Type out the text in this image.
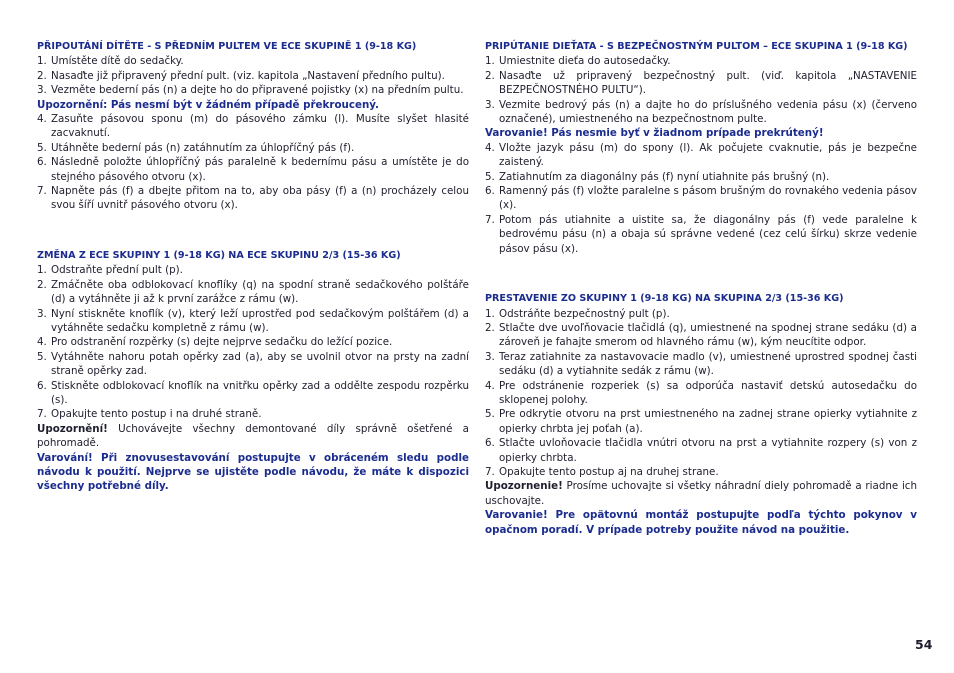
PŘIPOUTÁNÍ DÍTĚTE - S PŘEDNÍM PULTEM VE ECE SKUPINĚ 1 (9-18 KG)

1. Umístěte dítě do sedačky.
2. Nasaďte již připravený přední pult. (viz. kapitola „Nastavení předního pultu).
3. Vezměte bederní pás (n) a dejte ho do připravené pojistky (x) na předním pultu.
Upozornění: Pás nesmí být v žádném případě překroucený.
4. Zasuňte pásovou sponu (m) do pásového zámku (l). Musíte slyšet hlasité zacvaknutí.
5. Utáhněte bederní pás (n) zatáhnutím za úhlopříčný pás (f).
6. Následně položte úhlopříčný pás paralelně k bedernímu pásu a umístěte je do stejného pásového otvoru (x).
7. Napněte pás (f) a dbejte přitom na to, aby oba pásy (f) a (n) procházely celou svou šíří uvnitř pásového otvoru (x).

ZMĚNA Z ECE SKUPINY 1 (9-18 KG) NA ECE SKUPINU 2/3 (15-36 KG)

1. Odstraňte přední pult (p).
2. Zmáčněte oba odblokovací knoflíky (q) na spodní straně sedačkového polštáře (d) a vytáhněte ji až k první zarážce z rámu (w).
3. Nyní stiskněte knoflík (v), který leží uprostřed pod sedačkovým polštářem (d) a vytáhněte sedačku kompletně z rámu (w).
4. Pro odstranění rozpěrky (s) dejte nejprve sedačku do ležící pozice.
5. Vytáhněte nahoru potah opěrky zad (a), aby se uvolnil otvor na prsty na zadní straně opěrky zad.
6. Stiskněte odblokovací knoflík na vnitřku opěrky zad a oddělte zespodu rozpěrku (s).
7. Opakujte tento postup i na druhé straně.
Upozornění! Uchovávejte všechny demontované díly správně ošetřené a pohromadě.
Varování! Při znovusestavování postupujte v obráceném sledu podle návodu k použití. Nejprve se ujistěte podle návodu, že máte k dispozici všechny potřebné díly.

PRIPÚTANIE DIEŤATA - S BEZPEČNOSTNÝM PULTOM – ECE SKUPINA 1 (9-18 KG)

1. Umiestnite dieťa do autosedačky.
2. Nasaďte už pripravený bezpečnostný pult. (viď. kapitola „NASTAVENIE BEZPEČNOSTNÉHO PULTU“).
3. Vezmite bedrový pás (n) a dajte ho do príslušného vedenia pásu (x) (červeno označené), umiestneného na bezpečnostnom pulte.
Varovanie! Pás nesmie byť v žiadnom prípade prekrútený!
4. Vložte jazyk pásu (m) do spony (l). Ak počujete cvaknutie, pás je bezpečne zaistený.
5. Zatiahnutím za diagonálny pás (f) nyní utiahnite pás brušný (n).
6. Ramenný pás (f) vložte paralelne s pásom brušným do rovnakého vedenia pásov (x).
7. Potom pás utiahnite a uistite sa, že diagonálny pás (f) vede paralelne k bedrovému pásu (n) a obaja sú správne vedené (cez celú šírku) skrze vedenie pásov pásu (x).

PRESTAVENIE ZO SKUPINY 1 (9-18 KG) NA SKUPINA 2/3 (15-36 KG)

1. Odstráňte bezpečnostný pult (p).
2. Stlačte dve uvoľňovacie tlačidlá (q), umiestnené na spodnej strane sedáku (d) a zároveň je fahajte smerom od hlavného rámu (w), kým neucítite odpor.
3. Teraz zatiahnite za nastavovacie madlo (v), umiestnené uprostred spodnej časti sedáku (d) a vytiahnite sedák z rámu (w).
4. Pre odstránenie rozperiek (s) sa odporúča nastaviť detskú autosedačku do sklopenej polohy.
5. Pre odkrytie otvoru na prst umiestneného na zadnej strane opierky vytiahnite z opierky chrbta jej poťah (a).
6. Stlačte uvloňovacie tlačidla vnútri otvoru na prst a vytiahnite rozpery (s) von z opierky chrbta.
7. Opakujte tento postup aj na druhej strane.
Upozornenie! Prosíme uchovajte si všetky náhradní diely pohromadě a riadne ich uschovajte.
Varovanie! Pre opätovnú montáž postupujte podľa týchto pokynov v opačnom poradí. V prípade potreby použite návod na použitie.
54
